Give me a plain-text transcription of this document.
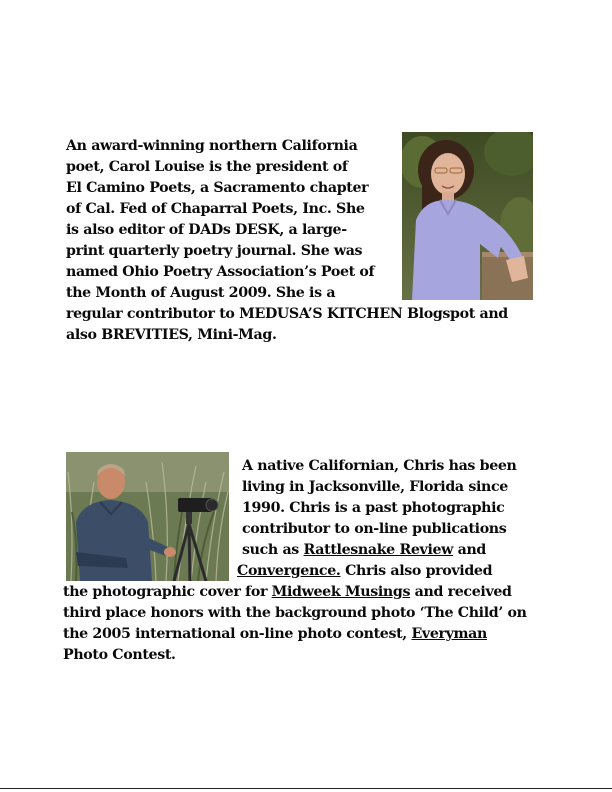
An award-winning northern California
poet, Carol Louise is the president of
El Camino Poets, a Sacramento chapter
of Cal. Fed of Chaparral Poets, Inc. She
is also editor of DADs DESK, a large-
print quarterly poetry journal. She was
named Ohio Poetry Association’s Poet of
the Month of August 2009. She is a
regular contributor to MEDUSA’S KITCHEN Blogspot and
also BREVITIES, Mini-Mag.
A native Californian, Chris has been
living in Jacksonville, Florida since
1990. Chris is a past photographic
contributor to on-line publications
such as Rattlesnake Review and
Convergence. Chris also provided
the photographic cover for Midweek Musings and received
third place honors with the background photo ‘The Child’ on
the 2005 international on-line photo contest, Everyman
Photo Contest.
